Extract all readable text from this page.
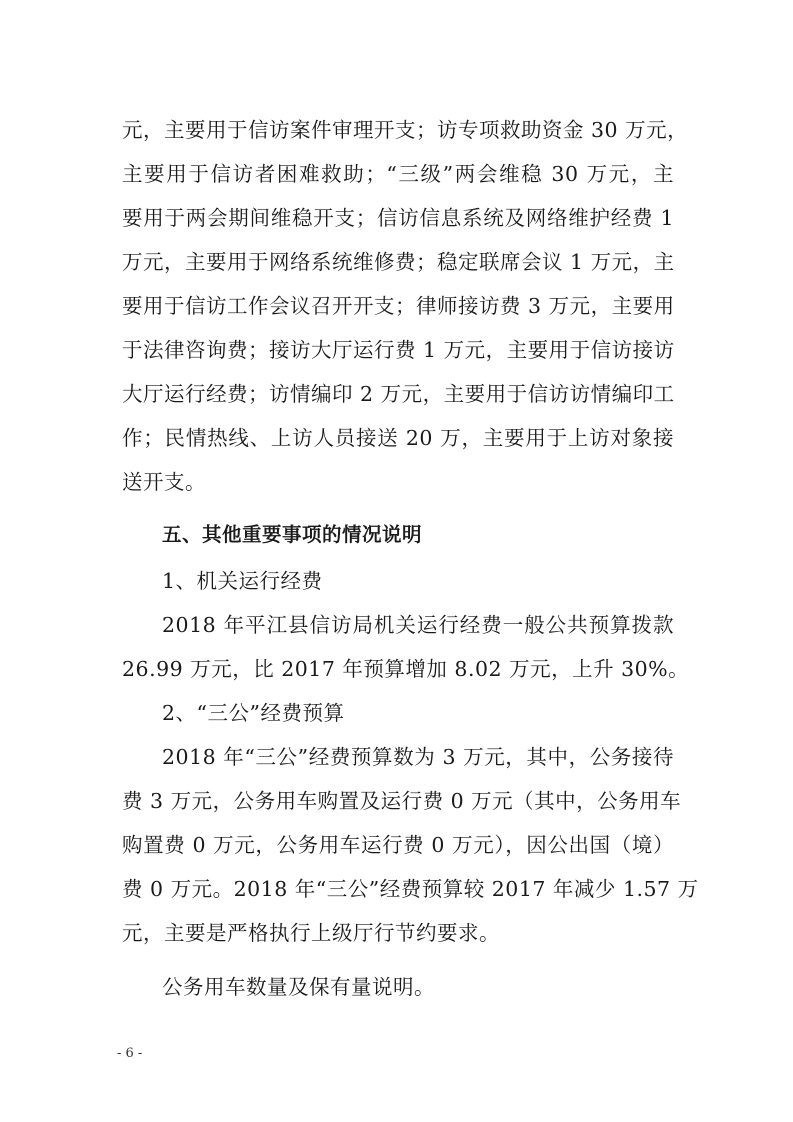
元，主要用于信访案件审理开支；访专项救助资金 30 万元，
主要用于信访者困难救助；“三级”两会维稳 30 万元，主
要用于两会期间维稳开支；信访信息系统及网络维护经费 1
万元，主要用于网络系统维修费；稳定联席会议 1 万元，主
要用于信访工作会议召开开支；律师接访费 3 万元，主要用
于法律咨询费；接访大厅运行费 1 万元，主要用于信访接访
大厅运行经费；访情编印 2 万元，主要用于信访访情编印工
作；民情热线、上访人员接送 20 万，主要用于上访对象接
送开支。
五、其他重要事项的情况说明
1、机关运行经费
2018 年平江县信访局机关运行经费一般公共预算拨款
26.99 万元，比 2017 年预算增加 8.02 万元，上升 30%。
2、“三公”经费预算
2018 年“三公”经费预算数为 3 万元，其中，公务接待
费 3 万元，公务用车购置及运行费 0 万元（其中，公务用车
购置费 0 万元，公务用车运行费 0 万元），因公出国（境）
费 0 万元。2018 年“三公”经费预算较 2017 年减少 1.57 万
元，主要是严格执行上级厅行节约要求。
公务用车数量及保有量说明。
- 6 -
